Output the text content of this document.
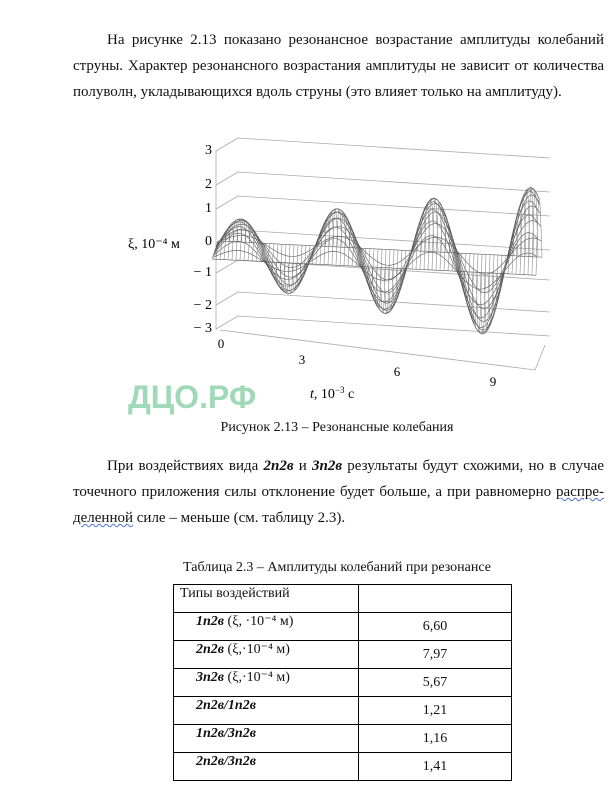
На рисунке 2.13 показано резонансное возрастание амплитуды колебаний
струны. Характер резонансного возрастания амплитуды не зависит от количества
полуволн, укладывающихся вдоль струны (это влияет только на амплитуду).
3
2
1
0
− 1
− 2
− 3
0
3
6
9
ξ, 10⁻⁴ м
ДЦО.РФ	t, $10^{-3}$ с
Рисунок 2.13 – Резонансные колебания
При воздействиях вида 2п2в и 3п2в результаты будут схожими, но в случае
точечного приложения силы отклонение будет больше, а при равномерно распре-
деленной силе – меньше (см. таблицу 2.3).
Таблица 2.3 – Амплитуды колебаний при резонансе
Типы воздействий	
1п2в (ξ, ·10⁻⁴ м)	6,60
2п2в (ξ,·10⁻⁴ м)	7,97
3п2в (ξ,·10⁻⁴ м)	5,67
2п2в/1п2в	1,21
1п2в/3п2в	1,16
2п2в/3п2в	1,41
